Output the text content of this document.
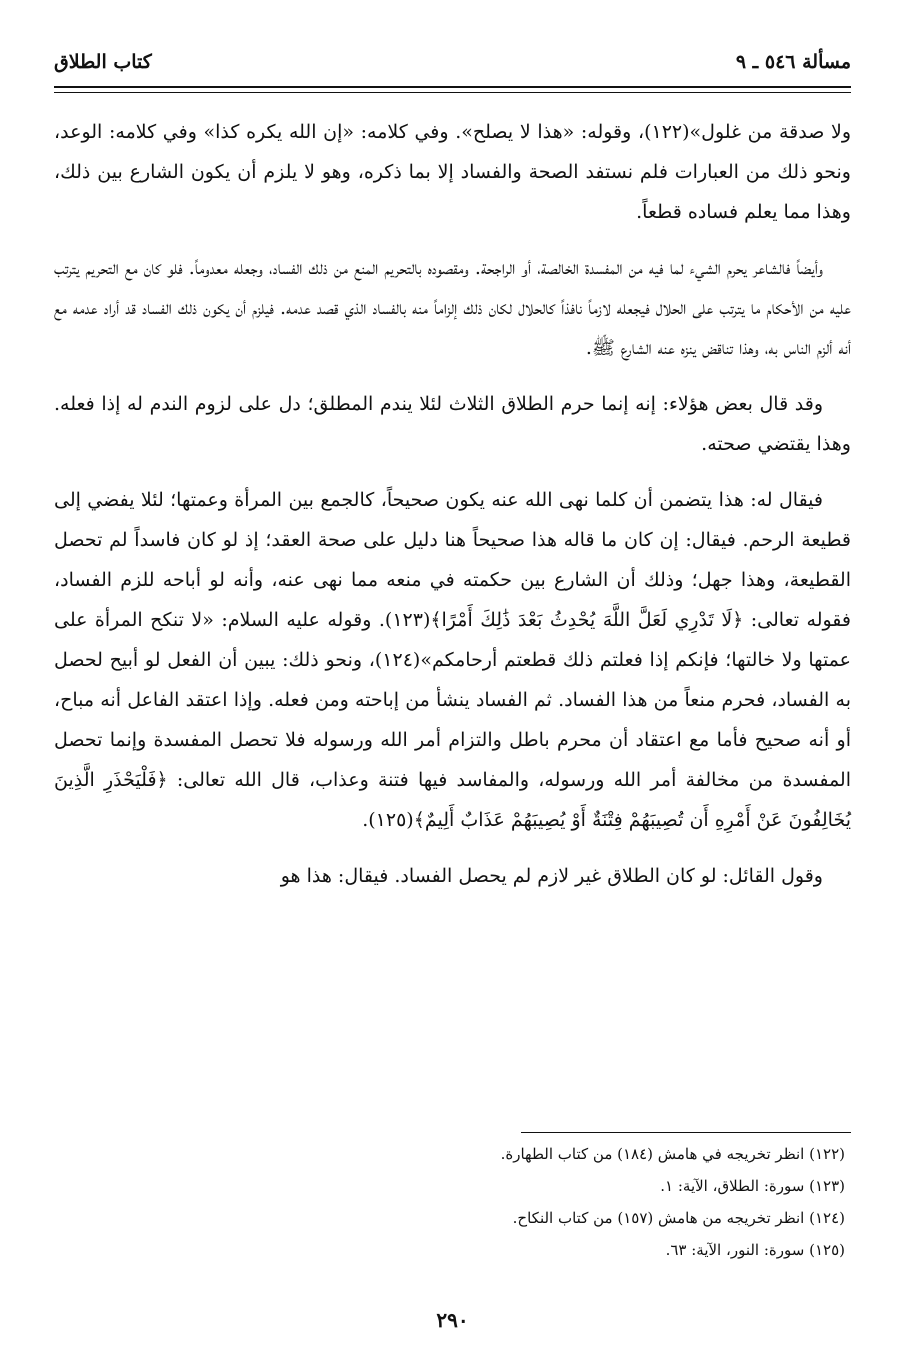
مسألة ٥٤٦ ـ ٩
كتاب الطلاق

ولا صدقة من غلول»(١٢٢)، وقوله: «هذا لا يصلح». وفي كلامه: «إن الله يكره كذا» وفي كلامه: الوعد، ونحو ذلك من العبارات فلم نستفد الصحة والفساد إلا بما ذكره، وهو لا يلزم أن يكون الشارع بين ذلك، وهذا مما يعلم فساده قطعاً.

وأيضاً فالشاعر يحرم الشيء لما فيه من المفسدة الخالصة، أو الراجحة. ومقصوده بالتحريم المنع من ذلك الفساد، وجعله معدوماً. فلو كان مع التحريم يترتب عليه من الأحكام ما يترتب على الحلال فيجعله لازماً نافذاً كالحلال لكان ذلك إلزاماً منه بالفساد الذي قصد عدمه. فيلزم أن يكون ذلك الفساد قد أراد عدمه مع أنه ألزم الناس به، وهذا تناقض ينزه عنه الشارع ﷺ.

وقد قال بعض هؤلاء: إنه إنما حرم الطلاق الثلاث لئلا يندم المطلق؛ دل على لزوم الندم له إذا فعله. وهذا يقتضي صحته.

فيقال له: هذا يتضمن أن كلما نهى الله عنه يكون صحيحاً، كالجمع بين المرأة وعمتها؛ لئلا يفضي إلى قطيعة الرحم. فيقال: إن كان ما قاله هذا صحيحاً هنا دليل على صحة العقد؛ إذ لو كان فاسداً لم تحصل القطيعة، وهذا جهل؛ وذلك أن الشارع بين حكمته في منعه مما نهى عنه، وأنه لو أباحه للزم الفساد، فقوله تعالى: ﴿لَا تَدْرِي لَعَلَّ اللَّهَ يُحْدِثُ بَعْدَ ذَٰلِكَ أَمْرًا﴾(١٢٣). وقوله عليه السلام: «لا تنكح المرأة على عمتها ولا خالتها؛ فإنكم إذا فعلتم ذلك قطعتم أرحامكم»(١٢٤)، ونحو ذلك: يبين أن الفعل لو أبيح لحصل به الفساد، فحرم منعاً من هذا الفساد. ثم الفساد ينشأ من إباحته ومن فعله. وإذا اعتقد الفاعل أنه مباح، أو أنه صحيح فأما مع اعتقاد أن محرم باطل والتزام أمر الله ورسوله فلا تحصل المفسدة وإنما تحصل المفسدة من مخالفة أمر الله ورسوله، والمفاسد فيها فتنة وعذاب، قال الله تعالى: ﴿فَلْيَحْذَرِ الَّذِينَ يُخَالِفُونَ عَنْ أَمْرِهِ أَن تُصِيبَهُمْ فِتْنَةٌ أَوْ يُصِيبَهُمْ عَذَابٌ أَلِيمٌ﴾(١٢٥).

وقول القائل: لو كان الطلاق غير لازم لم يحصل الفساد. فيقال: هذا هو

(١٢٢) انظر تخريجه في هامش (١٨٤) من كتاب الطهارة.

(١٢٣) سورة: الطلاق، الآية: ١.

(١٢٤) انظر تخريجه من هامش (١٥٧) من كتاب النكاح.

(١٢٥) سورة: النور، الآية: ٦٣.

٢٩٠
